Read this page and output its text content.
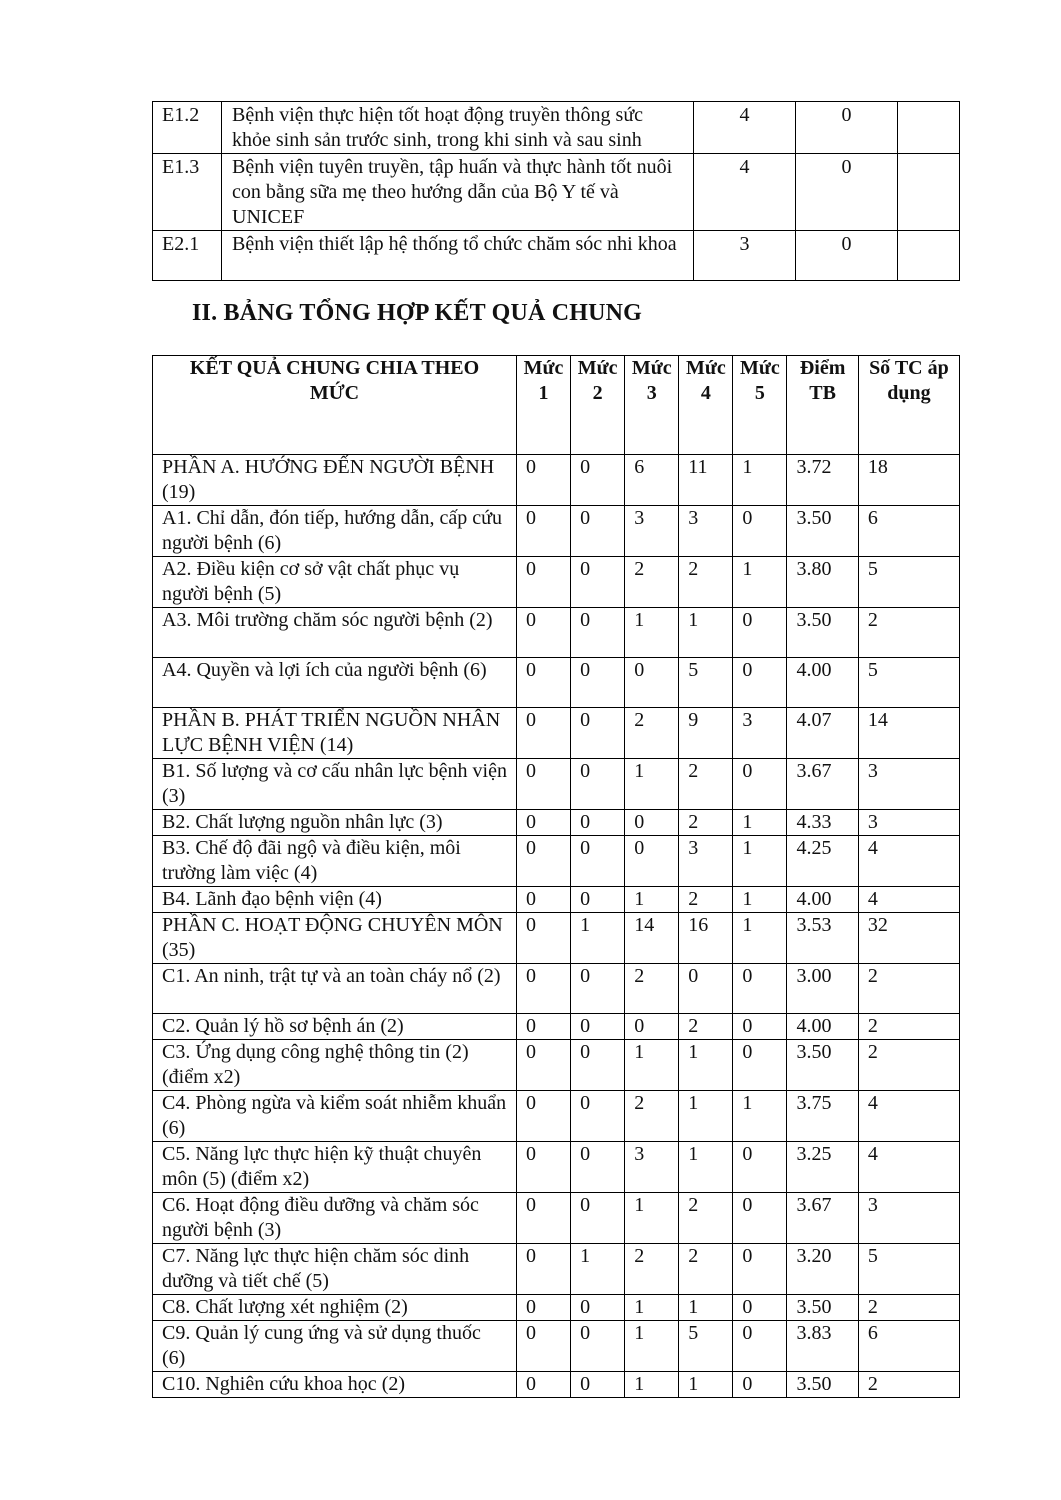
E1.2	Bệnh viện thực hiện tốt hoạt động truyền thông sức khỏe sinh sản trước sinh, trong khi sinh và sau sinh	4	0	
E1.3	Bệnh viện tuyên truyền, tập huấn và thực hành tốt nuôi con bằng sữa mẹ theo hướng dẫn của Bộ Y tế và UNICEF	4	0	
E2.1	Bệnh viện thiết lập hệ thống tổ chức chăm sóc nhi khoa	3	0	
II. BẢNG TỔNG HỢP KẾT QUẢ CHUNG
KẾT QUẢ CHUNG CHIA THEO MỨC	Mức 1	Mức 2	Mức 3	Mức 4	Mức 5	Điểm TB	Số TC áp dụng
PHẦN A. HƯỚNG ĐẾN NGƯỜI BỆNH (19)	0	0	6	11	1	3.72	18
A1. Chỉ dẫn, đón tiếp, hướng dẫn, cấp cứu người bệnh (6)	0	0	3	3	0	3.50	6
A2. Điều kiện cơ sở vật chất phục vụ người bệnh (5)	0	0	2	2	1	3.80	5
A3. Môi trường chăm sóc người bệnh (2)	0	0	1	1	0	3.50	2
A4. Quyền và lợi ích của người bệnh (6)	0	0	0	5	0	4.00	5
PHẦN B. PHÁT TRIỂN NGUỒN NHÂN LỰC BỆNH VIỆN (14)	0	0	2	9	3	4.07	14
B1. Số lượng và cơ cấu nhân lực bệnh viện (3)	0	0	1	2	0	3.67	3
B2. Chất lượng nguồn nhân lực (3)	0	0	0	2	1	4.33	3
B3. Chế độ đãi ngộ và điều kiện, môi trường làm việc (4)	0	0	0	3	1	4.25	4
B4. Lãnh đạo bệnh viện (4)	0	0	1	2	1	4.00	4
PHẦN C. HOẠT ĐỘNG CHUYÊN MÔN (35)	0	1	14	16	1	3.53	32
C1. An ninh, trật tự và an toàn cháy nổ (2)	0	0	2	0	0	3.00	2
C2. Quản lý hồ sơ bệnh án (2)	0	0	0	2	0	4.00	2
C3. Ứng dụng công nghệ thông tin (2) (điểm x2)	0	0	1	1	0	3.50	2
C4. Phòng ngừa và kiểm soát nhiễm khuẩn (6)	0	0	2	1	1	3.75	4
C5. Năng lực thực hiện kỹ thuật chuyên môn (5) (điểm x2)	0	0	3	1	0	3.25	4
C6. Hoạt động điều dưỡng và chăm sóc người bệnh (3)	0	0	1	2	0	3.67	3
C7. Năng lực thực hiện chăm sóc dinh dưỡng và tiết chế (5)	0	1	2	2	0	3.20	5
C8. Chất lượng xét nghiệm (2)	0	0	1	1	0	3.50	2
C9. Quản lý cung ứng và sử dụng thuốc (6)	0	0	1	5	0	3.83	6
C10. Nghiên cứu khoa học (2)	0	0	1	1	0	3.50	2
